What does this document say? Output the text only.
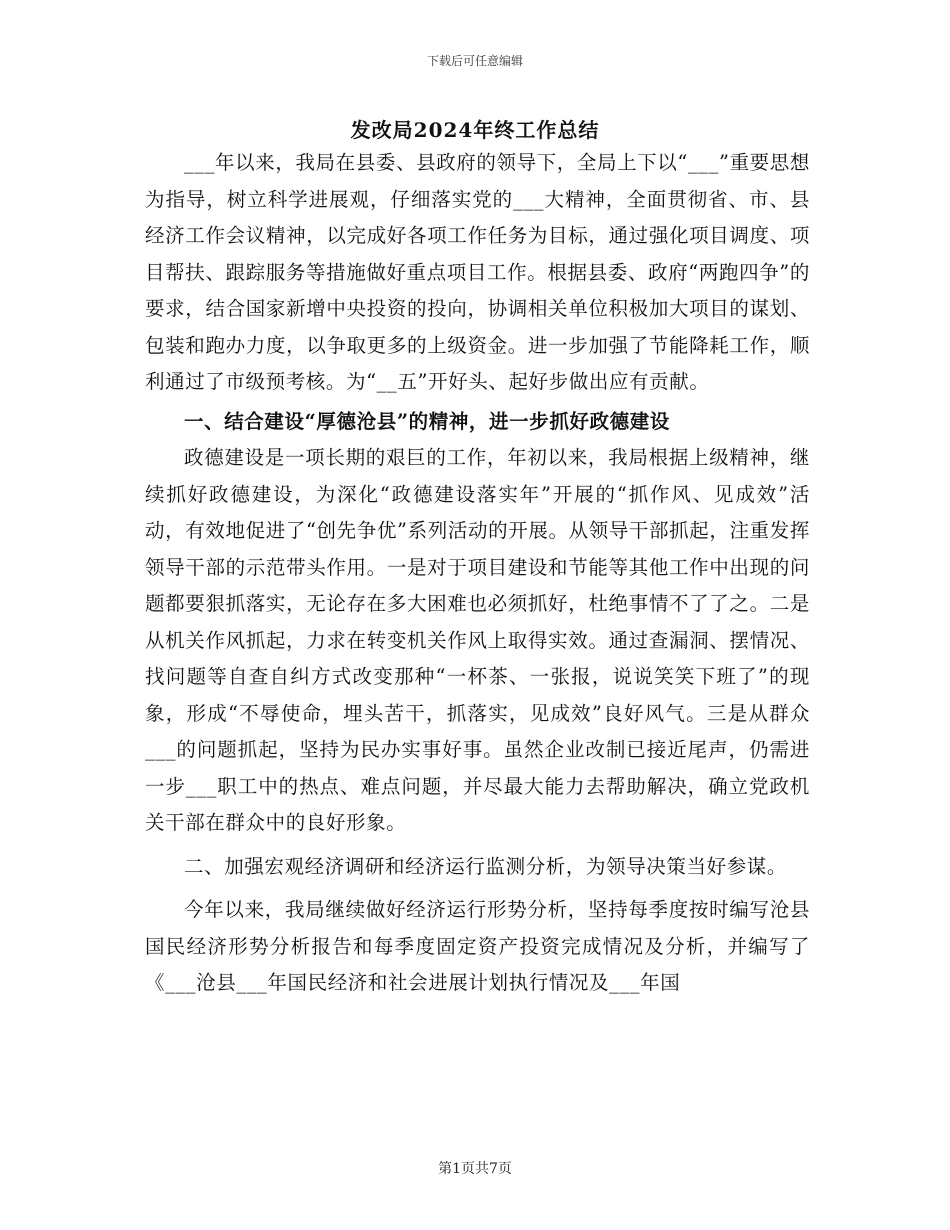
下载后可任意编辑
发改局2024年终工作总结

___年以来，我局在县委、县政府的领导下，全局上下以“___”重要思想为指导，树立科学进展观，仔细落实党的___大精神，全面贯彻省、市、县经济工作会议精神，以完成好各项工作任务为目标，通过强化项目调度、项目帮扶、跟踪服务等措施做好重点项目工作。根据县委、政府“两跑四争”的要求，结合国家新增中央投资的投向，协调相关单位积极加大项目的谋划、包装和跑办力度，以争取更多的上级资金。进一步加强了节能降耗工作，顺利通过了市级预考核。为“__五”开好头、起好步做出应有贡献。

一、结合建设“厚德沧县”的精神，进一步抓好政德建设

政德建设是一项长期的艰巨的工作，年初以来，我局根据上级精神，继续抓好政德建设，为深化“政德建设落实年”开展的“抓作风、见成效”活动，有效地促进了“创先争优”系列活动的开展。从领导干部抓起，注重发挥领导干部的示范带头作用。一是对于项目建设和节能等其他工作中出现的问题都要狠抓落实，无论存在多大困难也必须抓好，杜绝事情不了了之。二是从机关作风抓起，力求在转变机关作风上取得实效。通过查漏洞、摆情况、找问题等自查自纠方式改变那种“一杯茶、一张报，说说笑笑下班了”的现象，形成“不辱使命，埋头苦干，抓落实，见成效”良好风气。三是从群众___的问题抓起，坚持为民办实事好事。虽然企业改制已接近尾声，仍需进一步___职工中的热点、难点问题，并尽最大能力去帮助解决，确立党政机关干部在群众中的良好形象。

二、加强宏观经济调研和经济运行监测分析，为领导决策当好参谋。

今年以来，我局继续做好经济运行形势分析，坚持每季度按时编写沧县国民经济形势分析报告和每季度固定资产投资完成情况及分析，并编写了《___沧县___年国民经济和社会进展计划执行情况及___年国

第1页共7页
